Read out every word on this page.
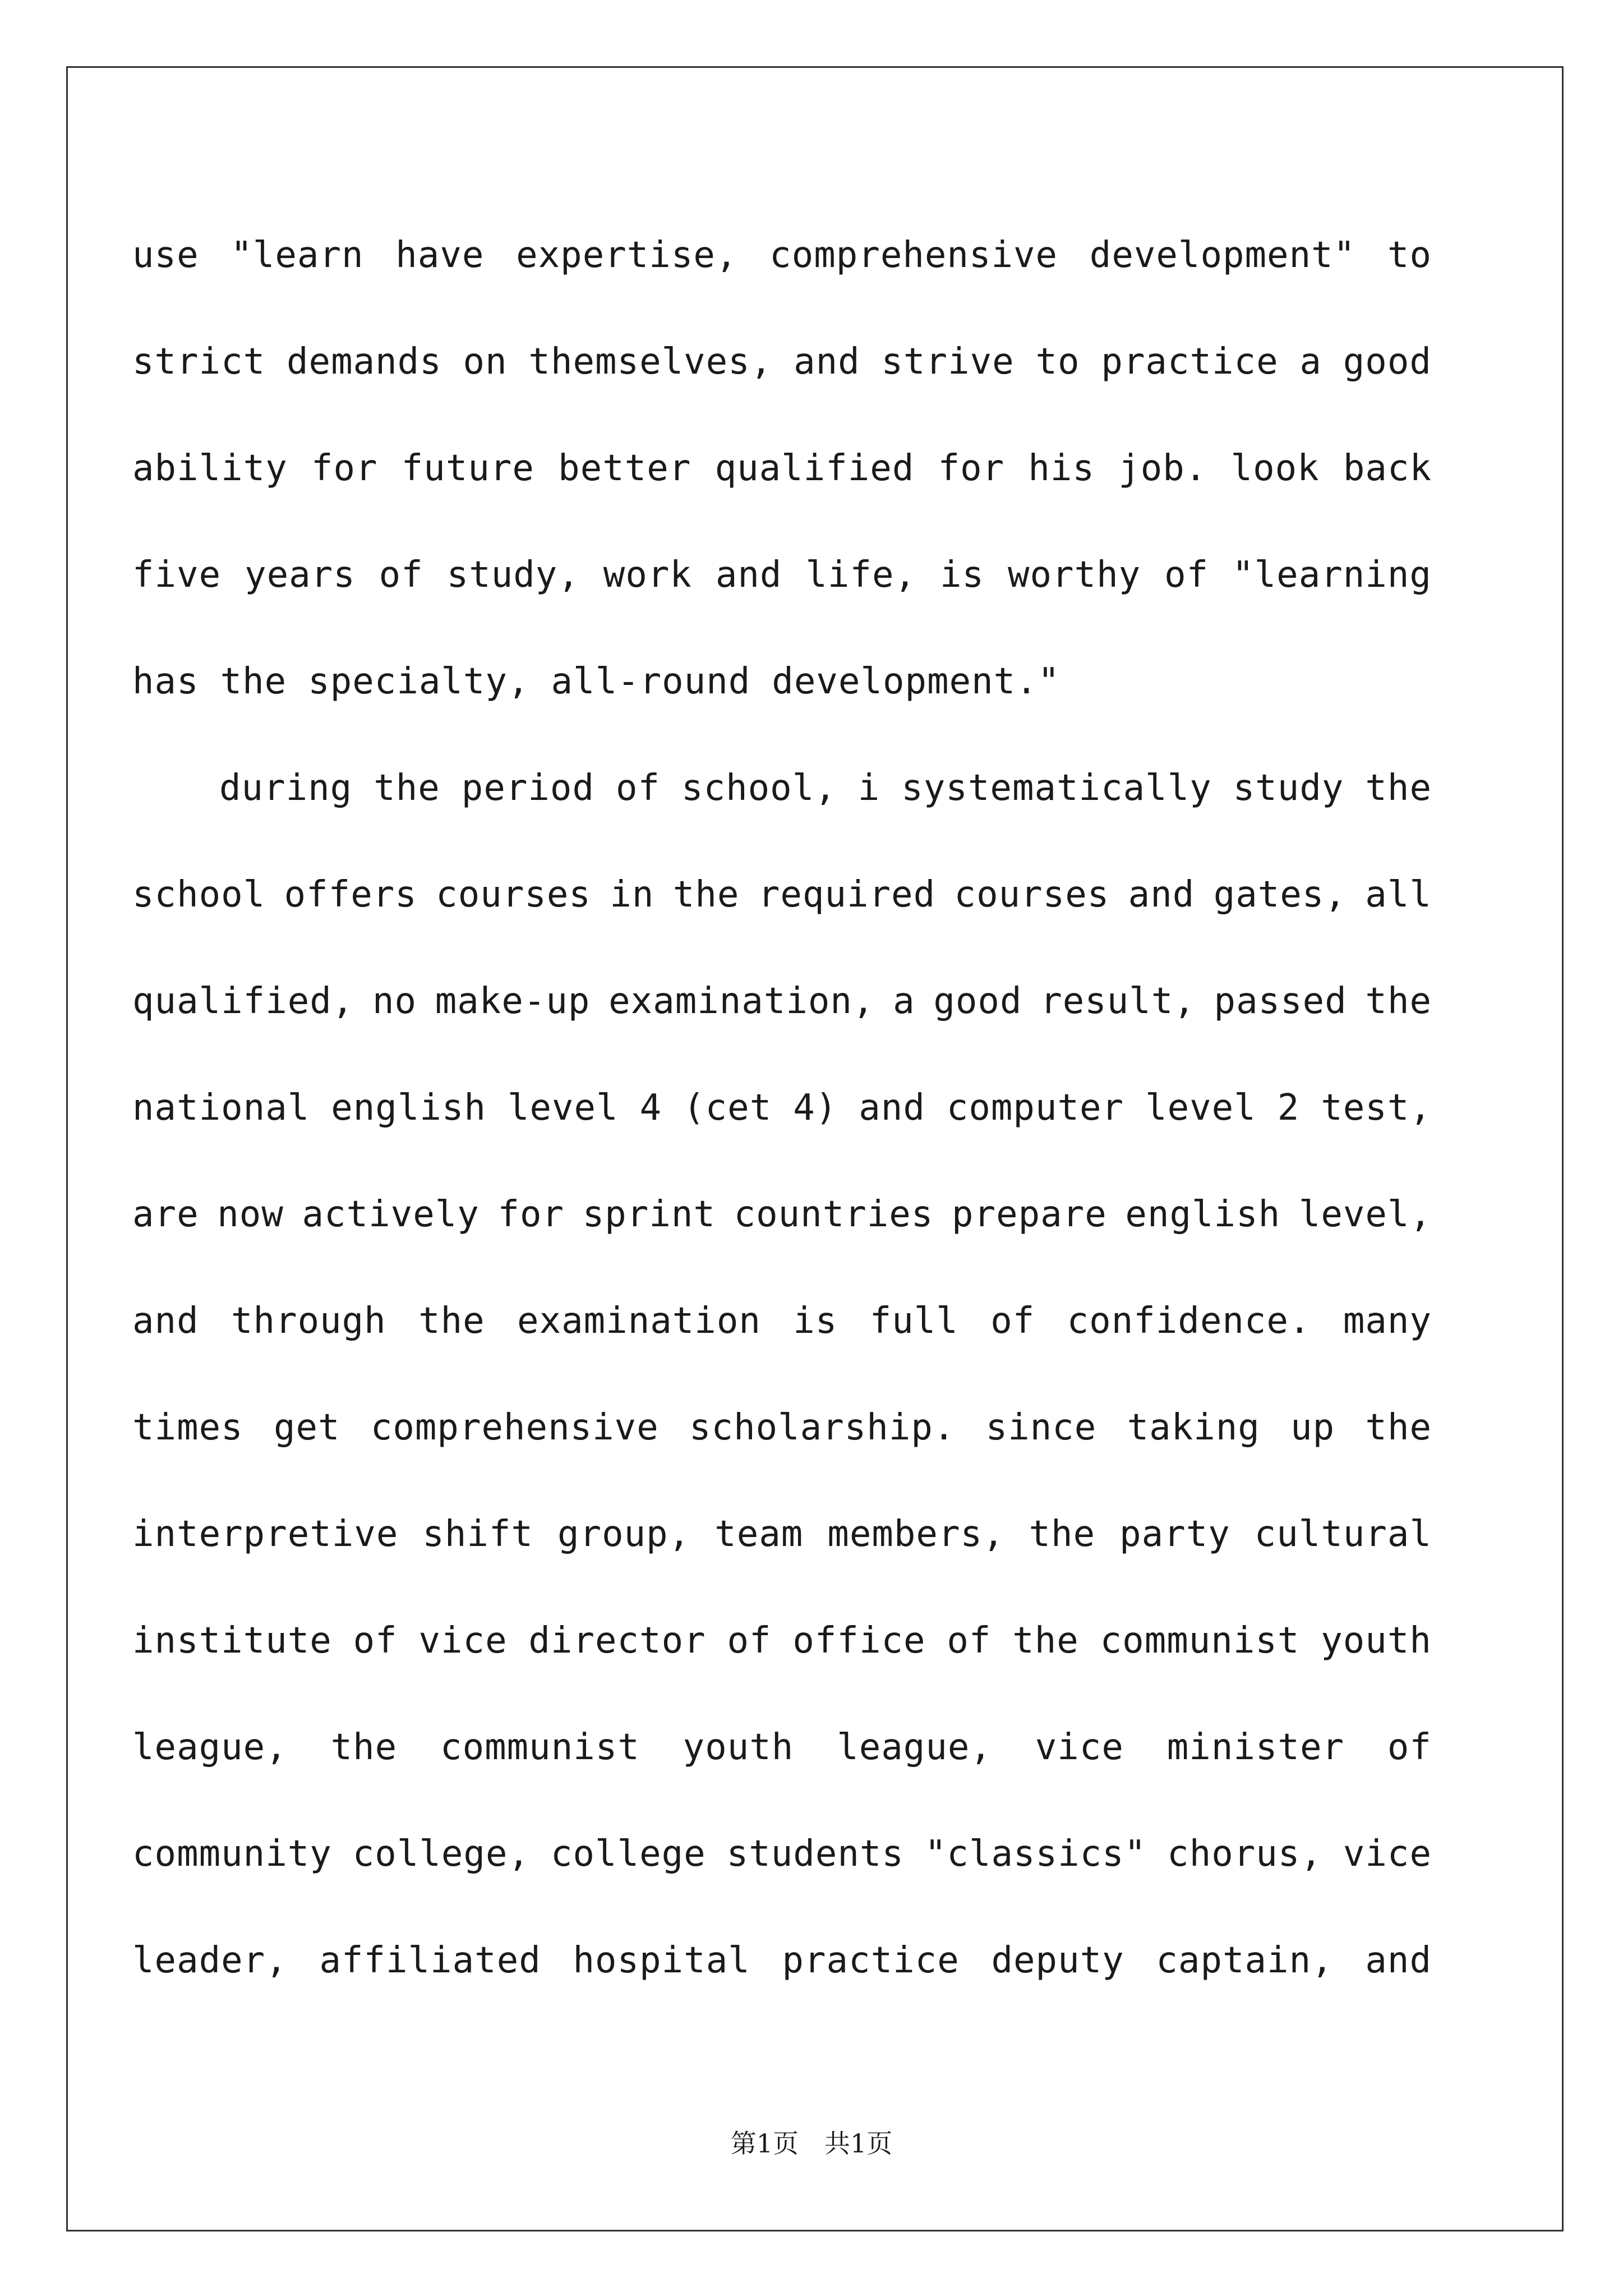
use "learn have expertise, comprehensive development" to
strict demands on themselves, and strive to practice a good
ability for future better qualified for his job. look back
five years of study, work and life, is worthy of "learning
has the specialty, all-round development."
during the period of school, i systematically study the
school offers courses in the required courses and gates, all
qualified, no make-up examination, a good result, passed the
national english level 4 (cet 4) and computer level 2 test,
are now actively for sprint countries prepare english level,
and through the examination is full of confidence. many
times get comprehensive scholarship. since taking up the
interpretive shift group, team members, the party cultural
institute of vice director of office of the communist youth
league, the communist youth league, vice minister of
community college, college students "classics" chorus, vice
leader, affiliated hospital practice deputy captain, and
第1页　共1页
